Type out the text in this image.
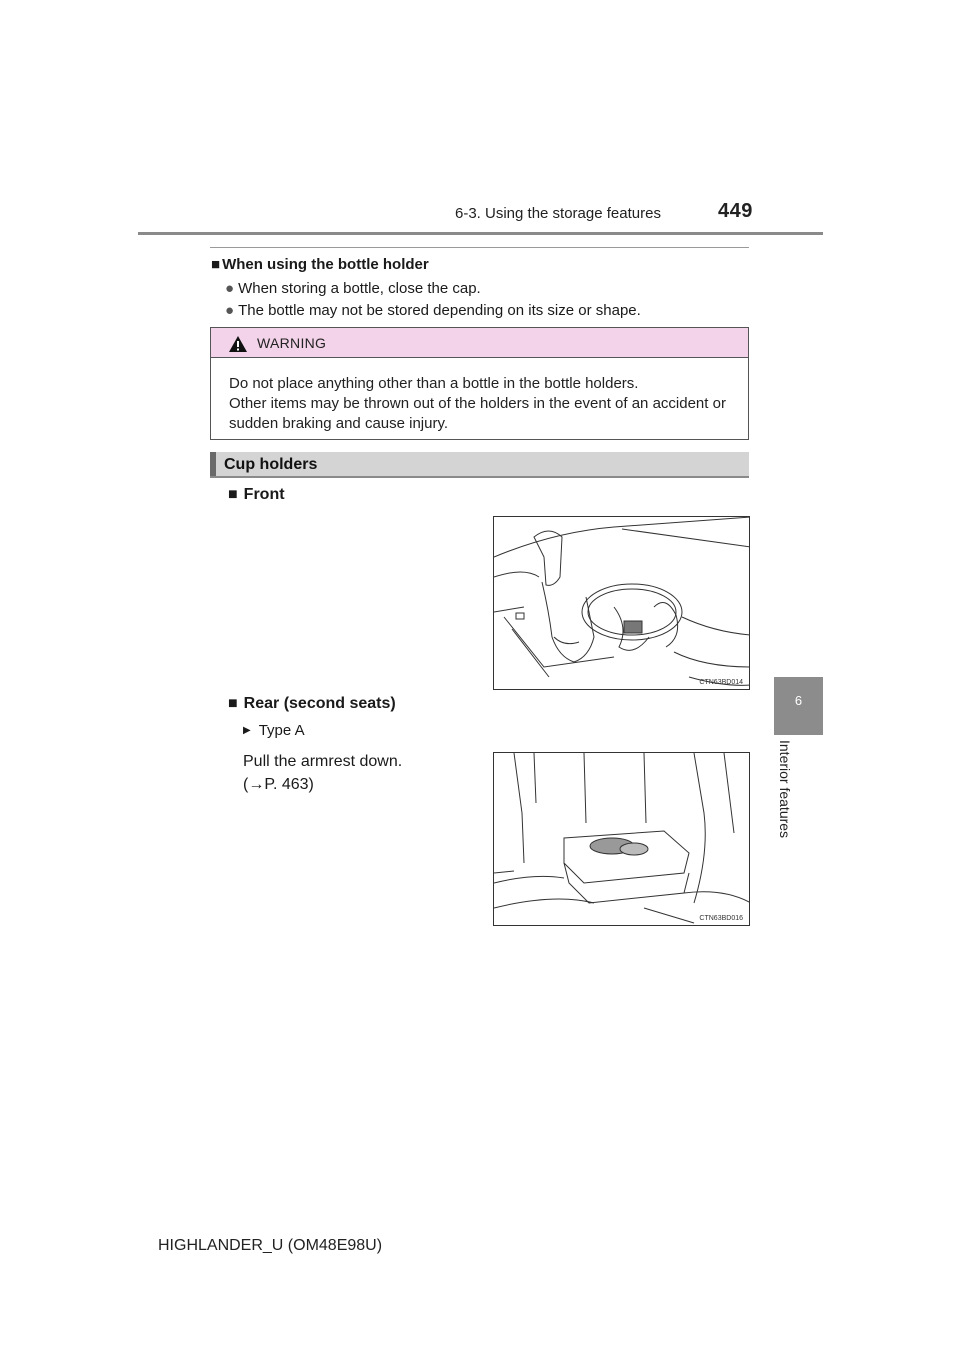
6-3. Using the storage features	449
6
Interior features
■ When using the bottle holder
● When storing a bottle, close the cap.
● The bottle may not be stored depending on its size or shape.
WARNING
Do not place anything other than a bottle in the bottle holders.
Other items may be thrown out of the holders in the event of an accident or
sudden braking and cause injury.
Cup holders
■ Front
CTN63BD014
■ Rear (second seats)
▶ Type A
Pull the armrest down.
(→P. 463)
CTN63BD016
HIGHLANDER_U (OM48E98U)
